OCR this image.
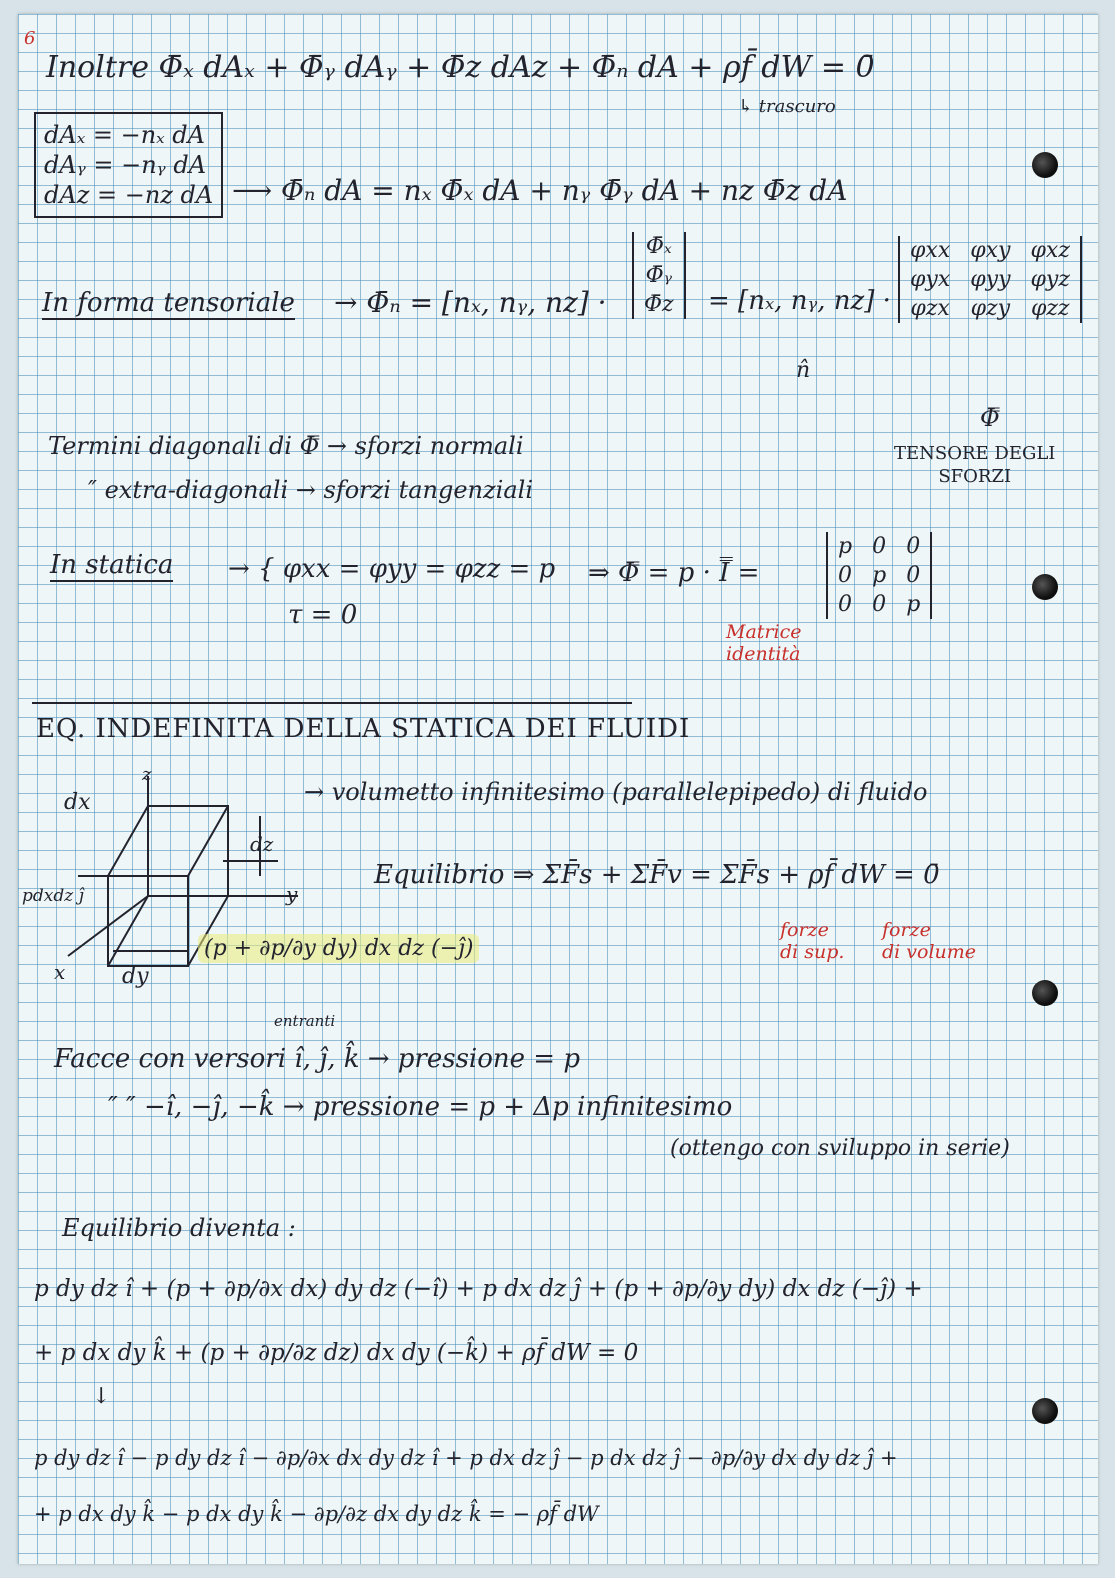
6
Inoltre Φ̄ₓ dAₓ + Φ̄ᵧ dAᵧ + Φ̄z dAz + Φ̄ₙ dA + ρf̄ dW = 0̄
↳ trascuro
dAₓ = −nₓ dA
dAᵧ = −nᵧ dA
dAz = −nz dA ⟶ Φ̄ₙ dA = nₓ Φ̄ₓ dA + nᵧ Φ̄ᵧ dA + nz Φ̄z dA
In forma tensoriale → Φ̄ₙ = [nₓ, nᵧ, nz] ·
Φ̄ₓ
Φ̄ᵧ
Φ̄z = [nₓ, nᵧ, nz] ·
n̂
φxx	φxy	φxz
φyx	φyy	φyz
φzx	φzy	φzz
Φ̿
TENSORE DEGLI
SFORZI
Termini diagonali di Φ̿ → sforzi normali
″ extra-diagonali → sforzi tangenziali
In statica → { φxx = φyy = φzz = p
τ = 0
⇒ Φ̿ = p · I̿ =
p	0	0
0	p	0
0	0	p
Matrice
identità
EQ. INDEFINITA DELLA STATICA DEI FLUIDI
z
x
y
dx
dy
dz
pdxdz ĵ
(p + ∂p/∂y dy) dx dz (−ĵ)
→ volumetto infinitesimo (parallelepipedo) di fluido
Equilibrio ⇒ ΣF̄s + ΣF̄v = ΣF̄s + ρf̄ dW = 0̄
forze
di sup.
forze
di volume
entranti
Facce con versori î, ĵ, k̂ → pressione = p
″ ″ −î, −ĵ, −k̂ → pressione = p + Δp infinitesimo
(ottengo con sviluppo in serie)
Equilibrio diventa :
p dy dz î + (p + ∂p/∂x dx) dy dz (−î) + p dx dz ĵ + (p + ∂p/∂y dy) dx dz (−ĵ) +
+ p dx dy k̂ + (p + ∂p/∂z dz) dx dy (−k̂) + ρf̄ dW = 0
↓
p dy dz î − p dy dz î − ∂p/∂x dx dy dz î + p dx dz ĵ − p dx dz ĵ − ∂p/∂y dx dy dz ĵ +
+ p dx dy k̂ − p dx dy k̂ − ∂p/∂z dx dy dz k̂ = − ρf̄ dW
